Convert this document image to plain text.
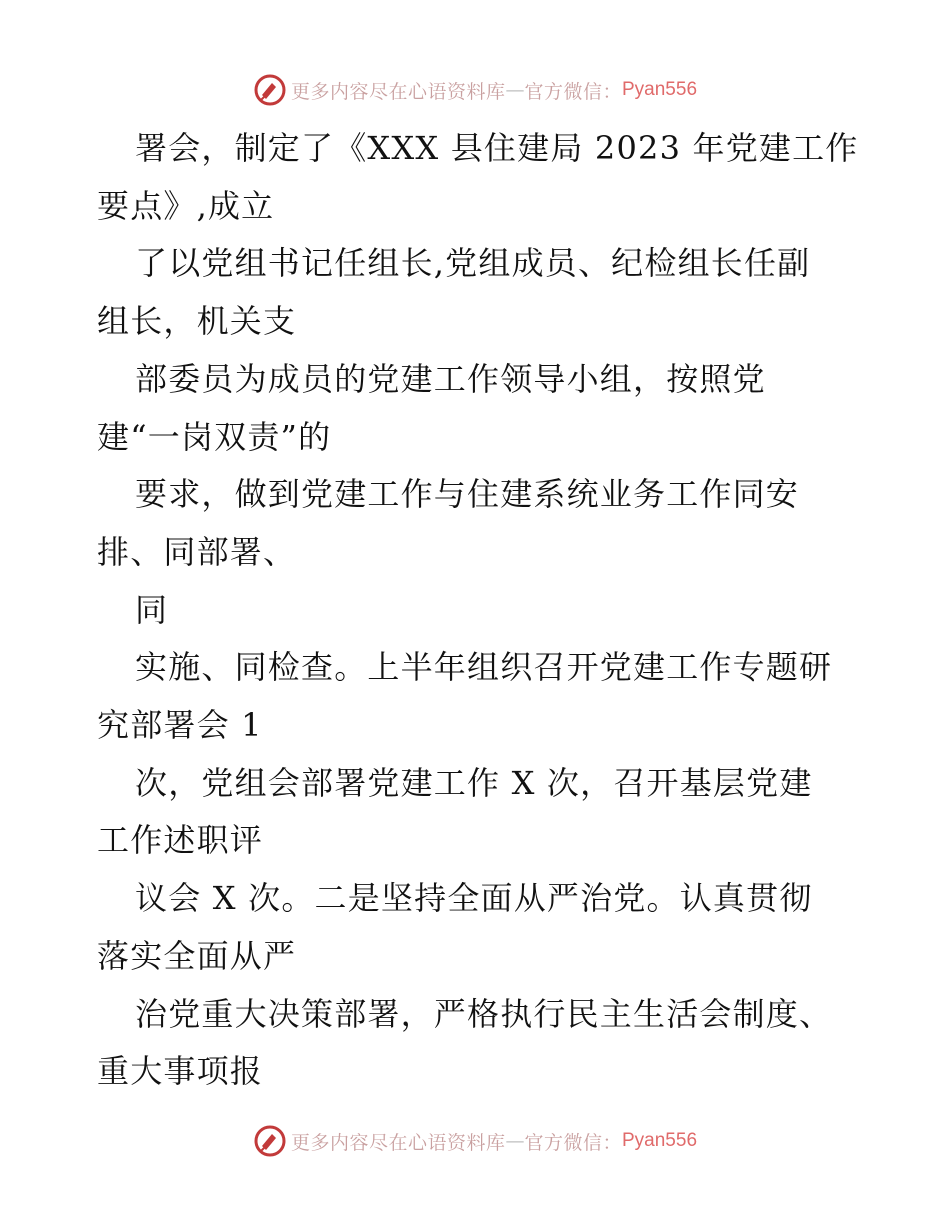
更多内容尽在心语资料库 — 官方微信： Pyan556
署会，制定了《XXX 县住建局 2023 年党建工作
要点》,成立
了以党组书记任组长,党组成员、纪检组长任副
组长，机关支
部委员为成员的党建工作领导小组，按照党
建“一岗双责”的
要求，做到党建工作与住建系统业务工作同安
排、同部署、
同
实施、同检查。上半年组织召开党建工作专题研
究部署会 1
次，党组会部署党建工作 X 次，召开基层党建
工作述职评
议会 X 次。二是坚持全面从严治党。认真贯彻
落实全面从严
治党重大决策部署，严格执行民主生活会制度、
重大事项报
更多内容尽在心语资料库 — 官方微信： Pyan556
